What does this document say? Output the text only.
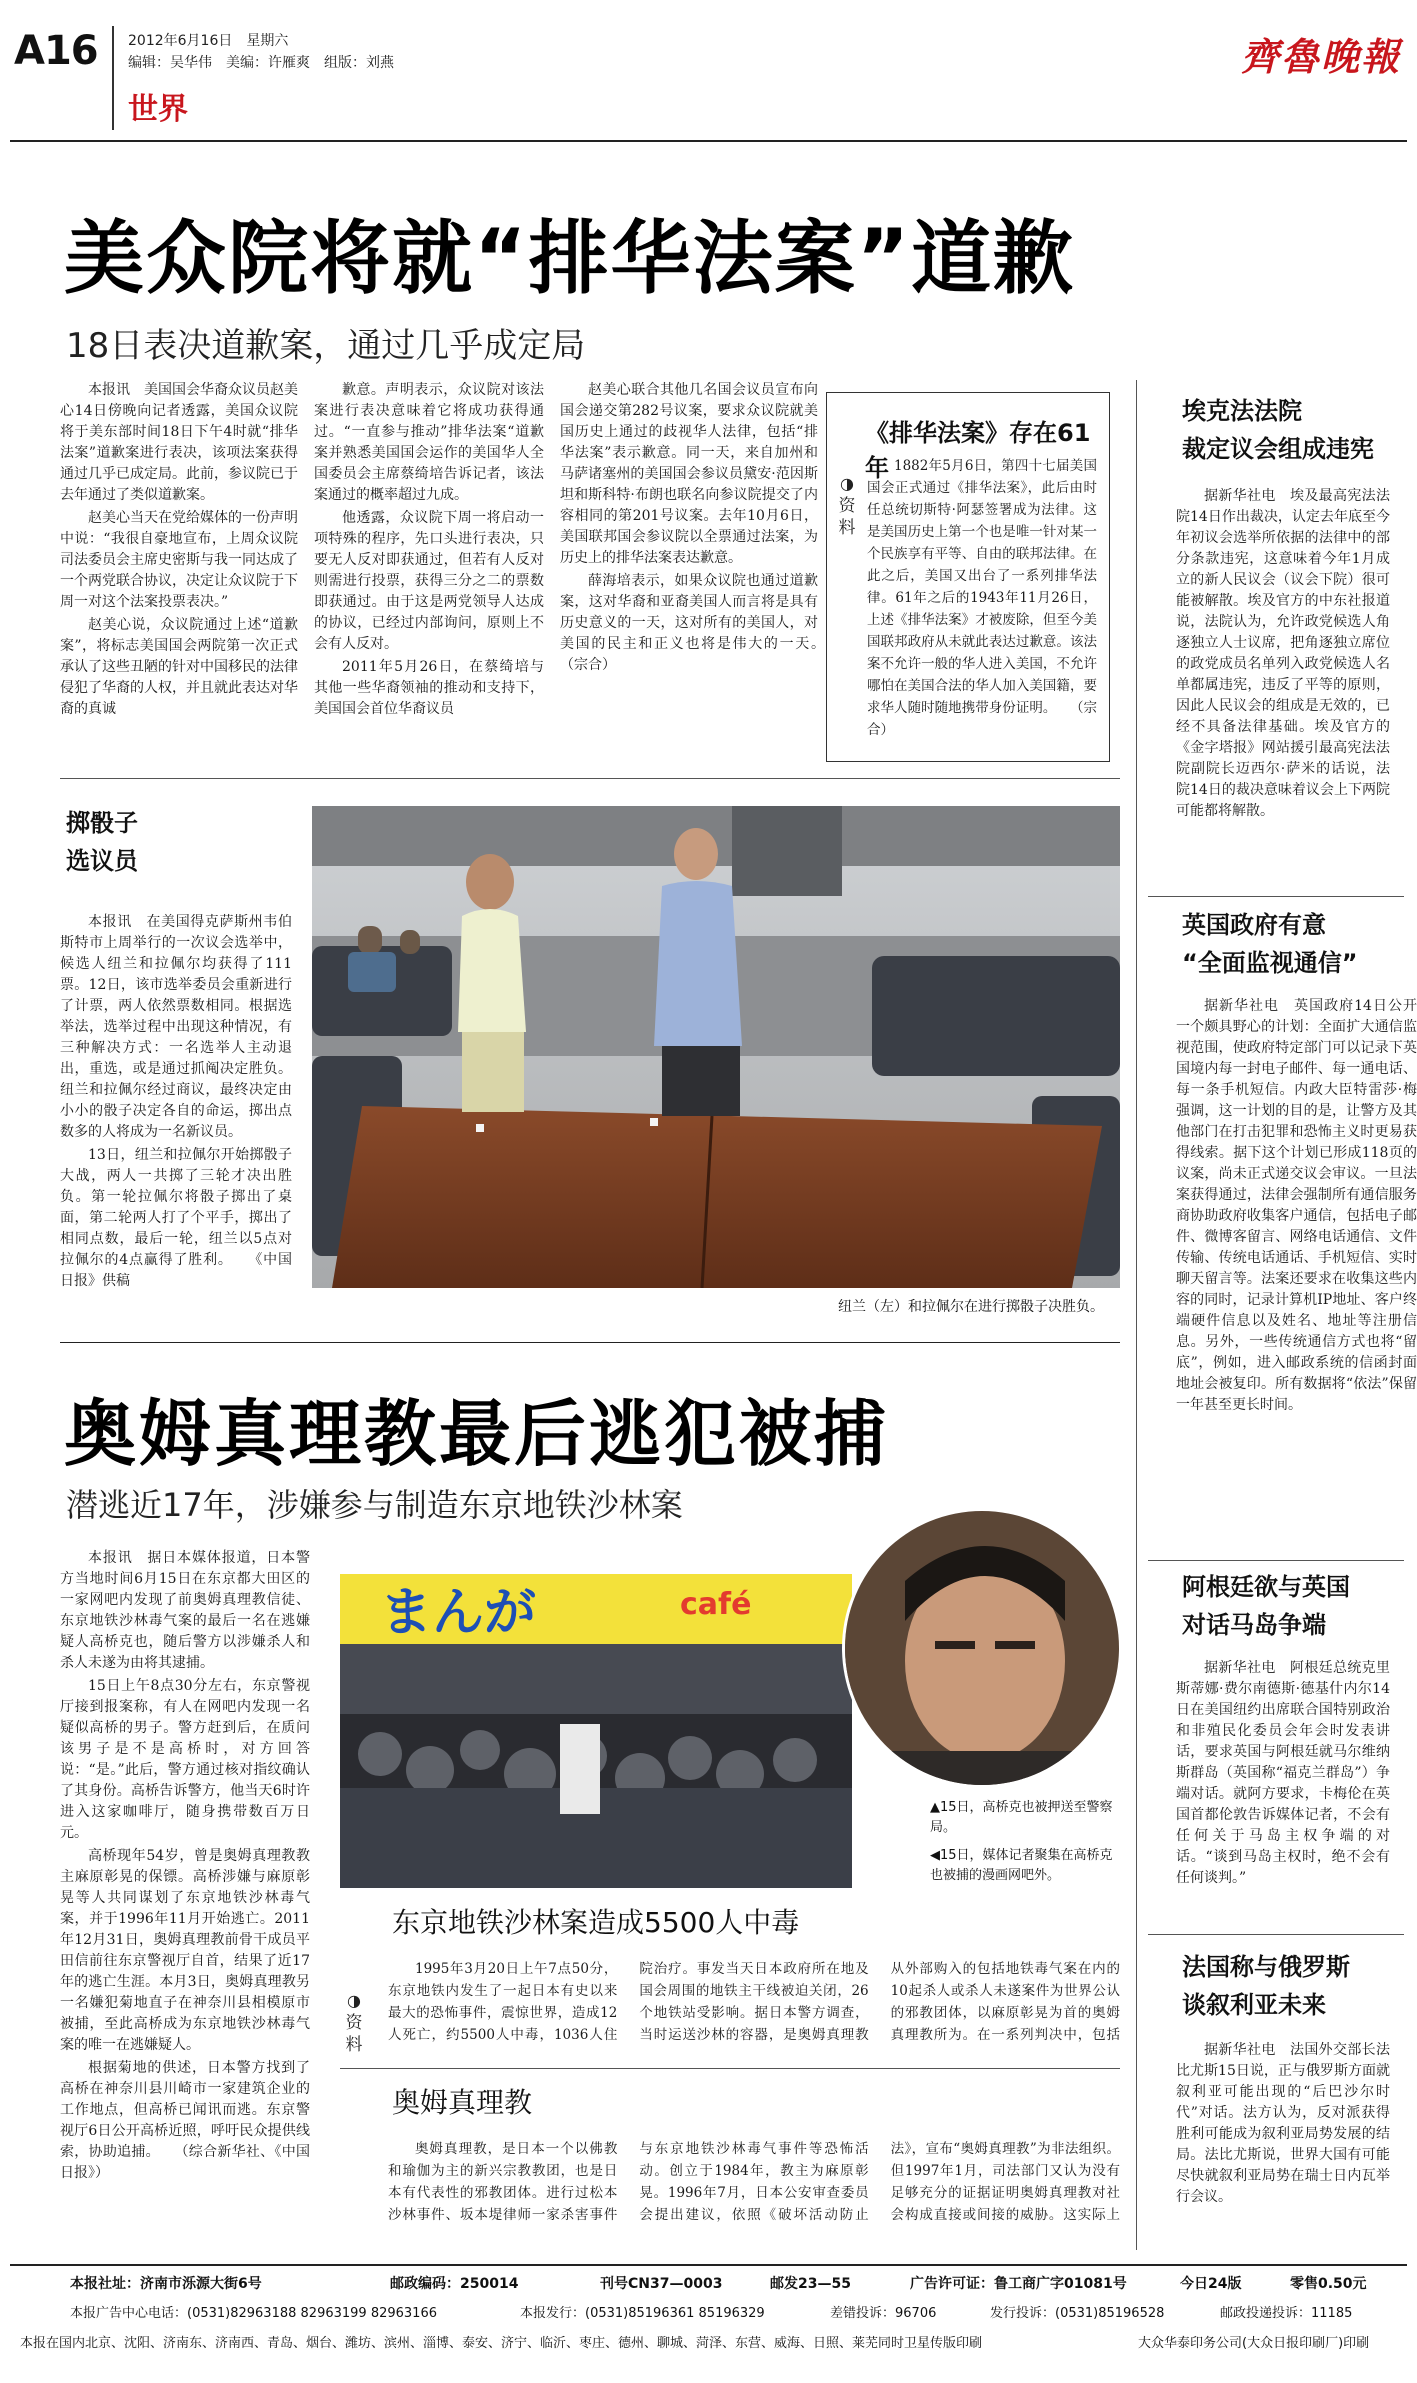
A16 2012年6月16日　 星期六
编辑：吴华伟　美编：许雁爽　组版：刘燕
世界
齊魯晚報
美众院将就“排华法案”道歉
18日表决道歉案，通过几乎成定局

本报讯　美国国会华裔众议员赵美心14日傍晚向记者透露，美国众议院将于美东部时间18日下午4时就“排华法案”道歉案进行表决，该项法案获得通过几乎已成定局。此前，参议院已于去年通过了类似道歉案。

赵美心当天在党给媒体的一份声明中说：“我很自豪地宣布，上周众议院司法委员会主席史密斯与我一同达成了一个两党联合协议，决定让众议院于下周一对这个法案投票表决。”

赵美心说，众议院通过上述“道歉案”，将标志美国国会两院第一次正式承认了这些丑陋的针对中国移民的法律侵犯了华裔的人权，并且就此表达对华裔的真诚

歉意。声明表示，众议院对该法案进行表决意味着它将成功获得通过。“一直参与推动”排华法案“道歉案并熟悉美国国会运作的美国华人全国委员会主席蔡绮培告诉记者，该法案通过的概率超过九成。

他透露，众议院下周一将启动一项特殊的程序，先口头进行表决，只要无人反对即获通过，但若有人反对则需进行投票，获得三分之二的票数即获通过。由于这是两党领导人达成的协议，已经过内部询问，原则上不会有人反对。

2011年5月26日，在蔡绮培与其他一些华裔领袖的推动和支持下，美国国会首位华裔议员

赵美心联合其他几名国会议员宣布向国会递交第282号议案，要求众议院就美国历史上通过的歧视华人法律，包括“排华法案”表示歉意。同一天，来自加州和马萨诸塞州的美国国会参议员黛安·范因斯坦和斯科特·布朗也联名向参议院提交了内容相同的第201号议案。去年10月6日，美国联邦国会参议院以全票通过法案，为历史上的排华法案表达歉意。

薛海培表示，如果众议院也通过道歉案，这对华裔和亚裔美国人而言将是具有历史意义的一天，这对所有的美国人，对美国的民主和正义也将是伟大的一天。　　（宗合）

《排华法案》存在61年
◑
资料

1882年5月6日，第四十七届美国国会正式通过《排华法案》，此后由时任总统切斯特·阿瑟签署成为法律。这是美国历史上第一个也是唯一针对某一个民族享有平等、自由的联邦法律。在此之后，美国又出台了一系列排华法律。61年之后的1943年11月26日，上述《排华法案》才被废除，但至今美国联邦政府从未就此表达过歉意。该法案不允许一般的华人进入美国，不允许哪怕在美国合法的华人加入美国籍，要求华人随时随地携带身份证明。　　（宗合）

掷骰子
选议员

本报讯　在美国得克萨斯州韦伯斯特市上周举行的一次议会选举中，候选人纽兰和拉佩尔均获得了111票。12日，该市选举委员会重新进行了计票，两人依然票数相同。根据选举法，选举过程中出现这种情况，有三种解决方式：一名选举人主动退出，重选，或是通过抓阄决定胜负。纽兰和拉佩尔经过商议，最终决定由小小的骰子决定各自的命运，掷出点数多的人将成为一名新议员。

13日，纽兰和拉佩尔开始掷骰子大战，两人一共掷了三轮才决出胜负。第一轮拉佩尔将骰子掷出了桌面，第二轮两人打了个平手，掷出了相同点数，最后一轮，纽兰以5点对拉佩尔的4点赢得了胜利。　　《中国日报》供稿

纽兰（左）和拉佩尔在进行掷骰子决胜负。
奥姆真理教最后逃犯被捕
潜逃近17年，涉嫌参与制造东京地铁沙林案

本报讯　据日本媒体报道，日本警方当地时间6月15日在东京都大田区的一家网吧内发现了前奥姆真理教信徒、东京地铁沙林毒气案的最后一名在逃嫌疑人高桥克也，随后警方以涉嫌杀人和杀人未遂为由将其逮捕。

15日上午8点30分左右，东京警视厅接到报案称，有人在网吧内发现一名疑似高桥的男子。警方赶到后，在质问该男子是不是高桥时，对方回答说：“是。”此后，警方通过核对指纹确认了其身份。高桥告诉警方，他当天6时许进入这家咖啡厅，随身携带数百万日元。

高桥现年54岁，曾是奥姆真理教教主麻原彰晃的保镖。高桥涉嫌与麻原彰晃等人共同谋划了东京地铁沙林毒气案，并于1996年11月开始逃亡。2011年12月31日，奥姆真理教前骨干成员平田信前往东京警视厅自首，结果了近17年的逃亡生涯。本月3日，奥姆真理教另一名嫌犯菊地直子在神奈川县相模原市被捕，至此高桥成为东京地铁沙林毒气案的唯一在逃嫌疑人。

根据菊地的供述，日本警方找到了高桥在神奈川县川崎市一家建筑企业的工作地点，但高桥已闻讯而逃。东京警视厅6日公开高桥近照，呼吁民众提供线索，协助追捕。　　（综合新华社、《中国日报》）

まんが	café
▲15日，高桥克也被押送至警察局。
◀15日，媒体记者聚集在高桥克也被捕的漫画网吧外。
东京地铁沙林案造成5500人中毒
◑
资料

1995年3月20日上午7点50分，东京地铁内发生了一起日本有史以来最大的恐怖事件，震惊世界，造成12人死亡，约5500人中毒，1036人住院治疗。事发当天日本政府所在地及国会周围的地铁主干线被迫关闭，26个地铁站受影响。据日本警方调查，当时运送沙林的容器，是奥姆真理教从外部购入的包括地铁毒气案在内的10起杀人或杀人未遂案件为世界公认的邪教团体，以麻原彰晃为首的奥姆真理教所为。在一系列判决中，包括　　

奥姆真理教

奥姆真理教，是日本一个以佛教和瑜伽为主的新兴宗教教团，也是日本有代表性的邪教团体。进行过松本沙林事件、坂本堤律师一家杀害事件与东京地铁沙林毒气事件等恐怖活动。创立于1984年，教主为麻原彰晃。1996年7月，日本公安审查委员会提出建议，依照《破坏活动防止法》，宣布“奥姆真理教”为非法组织。但1997年1月，司法部门又认为没有足够充分的证据证明奥姆真理教对社会构成直接或间接的威胁。这实际上

埃克法法院
裁定议会组成违宪

据新华社电　埃及最高宪法法院14日作出裁决，认定去年底至今年初议会选举所依据的法律中的部分条款违宪，这意味着今年1月成立的新人民议会（议会下院）很可能被解散。埃及官方的中东社报道说，法院认为，允许政党候选人角逐独立人士议席，把角逐独立席位的政党成员名单列入政党候选人名单都属违宪，违反了平等的原则，因此人民议会的组成是无效的，已经不具备法律基础。埃及官方的《金字塔报》网站援引最高宪法法院副院长迈西尔·萨米的话说，法院14日的裁决意味着议会上下两院可能都将解散。

英国政府有意
“全面监视通信”

据新华社电　英国政府14日公开一个颇具野心的计划：全面扩大通信监视范围，使政府特定部门可以记录下英国境内每一封电子邮件、每一通电话、每一条手机短信。内政大臣特雷莎·梅强调，这一计划的目的是，让警方及其他部门在打击犯罪和恐怖主义时更易获得线索。据下这个计划已形成118页的议案，尚未正式递交议会审议。一旦法案获得通过，法律会强制所有通信服务商协助政府收集客户通信，包括电子邮件、微博客留言、网络电话通信、文件传输、传统电话通话、手机短信、实时聊天留言等。法案还要求在收集这些内容的同时，记录计算机IP地址、客户终端硬件信息以及姓名、地址等注册信息。另外，一些传统通信方式也将“留底”，例如，进入邮政系统的信函封面地址会被复印。所有数据将“依法”保留一年甚至更长时间。

阿根廷欲与英国
对话马岛争端

据新华社电　阿根廷总统克里斯蒂娜·费尔南德斯·德基什内尔14日在美国纽约出席联合国特别政治和非殖民化委员会年会时发表讲话，要求英国与阿根廷就马尔维纳斯群岛（英国称“福克兰群岛”）争端对话。就阿方要求，卡梅伦在英国首都伦敦告诉媒体记者，不会有任何关于马岛主权争端的对话。“谈到马岛主权时，绝不会有任何谈判。”

法国称与俄罗斯
谈叙利亚未来

据新华社电　法国外交部长法比尤斯15日说，正与俄罗斯方面就叙利亚可能出现的“后巴沙尔时代”对话。法方认为，反对派获得胜利可能成为叙利亚局势发展的结局。法比尤斯说，世界大国有可能尽快就叙利亚局势在瑞士日内瓦举行会议。

本报社址：济南市泺源大街6号	邮政编码：250014	刊号CN37—0003	邮发23—55	广告许可证：鲁工商广字01081号	今日24版	零售0.50元
本报广告中心电话：(0531)82963188 82963199 82963166	本报发行：(0531)85196361 85196329	差错投诉：96706	发行投诉：(0531)85196528	邮政投递投诉：11185
本报在国内北京、沈阳、济南东、济南西、青岛、烟台、潍坊、滨州、淄博、泰安、济宁、临沂、枣庄、德州、聊城、菏泽、东营、威海、日照、莱芜同时卫星传版印刷	大众华泰印务公司(大众日报印刷厂)印刷
